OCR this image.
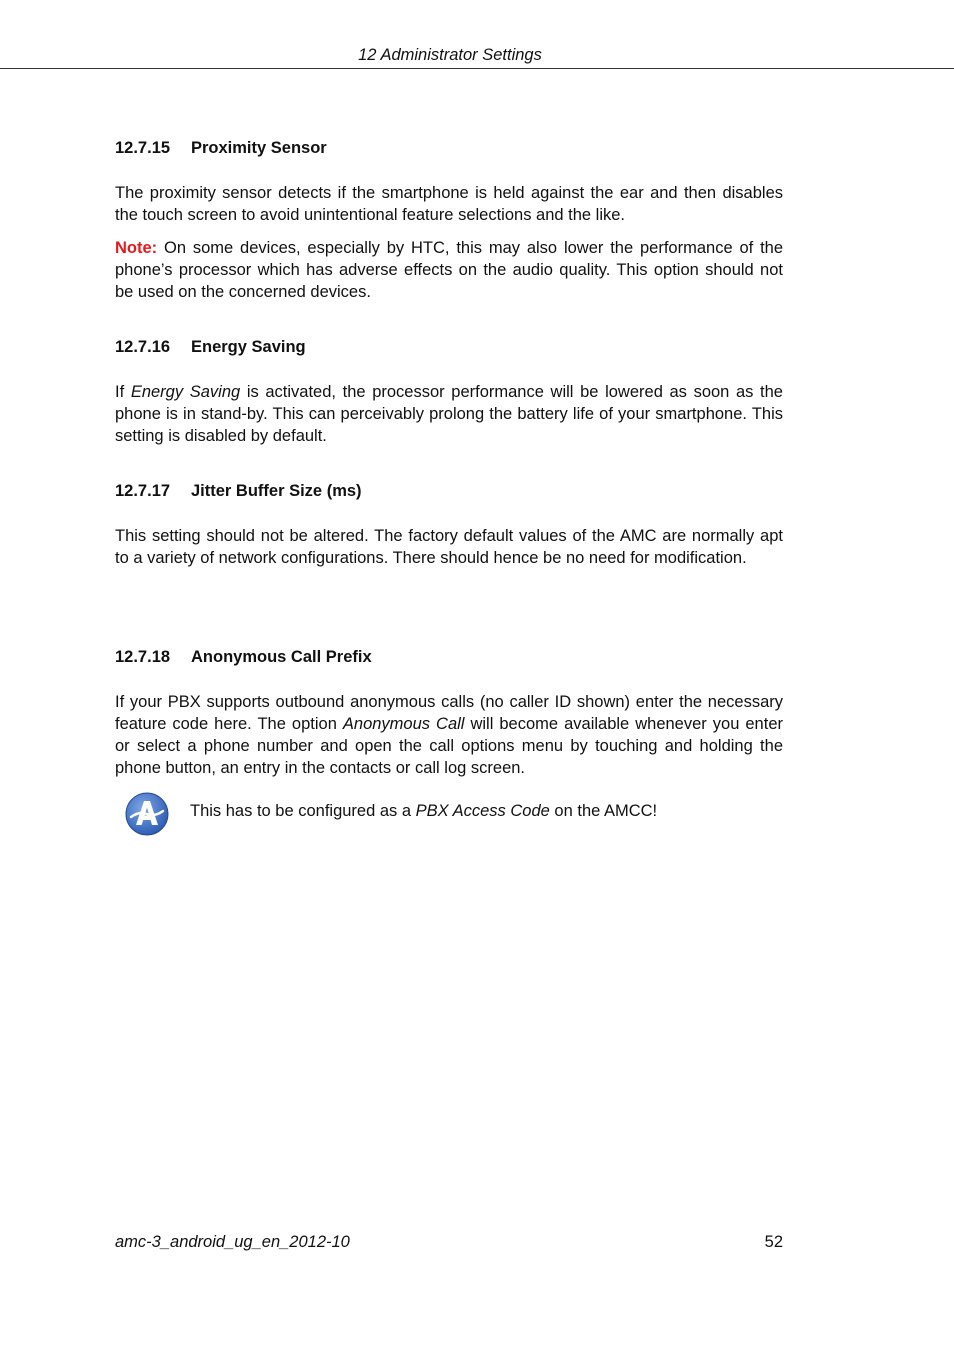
12 Administrator Settings
12.7.15 Proximity Sensor

The proximity sensor detects if the smartphone is held against the ear and then disables the touch screen to avoid unintentional feature selections and the like.

Note: On some devices, especially by HTC, this may also lower the performance of the phone’s processor which has adverse effects on the audio quality. This option should not be used on the concerned devices.

12.7.16 Energy Saving

If Energy Saving is activated, the processor performance will be lowered as soon as the phone is in stand-by. This can perceivably prolong the battery life of your smartphone. This setting is disabled by default.

12.7.17 Jitter Buffer Size (ms)

This setting should not be altered. The factory default values of the AMC are normally apt to a variety of network configurations. There should hence be no need for modification.

12.7.18 Anonymous Call Prefix

If your PBX supports outbound anonymous calls (no caller ID shown) enter the necessary feature code here. The option Anonymous Call will become available whenever you enter or select a phone number and open the call options menu by touching and holding the phone button, an entry in the contacts or call log screen.

This has to be configured as a PBX Access Code on the AMCC!
amc-3_android_ug_en_2012-10	52
